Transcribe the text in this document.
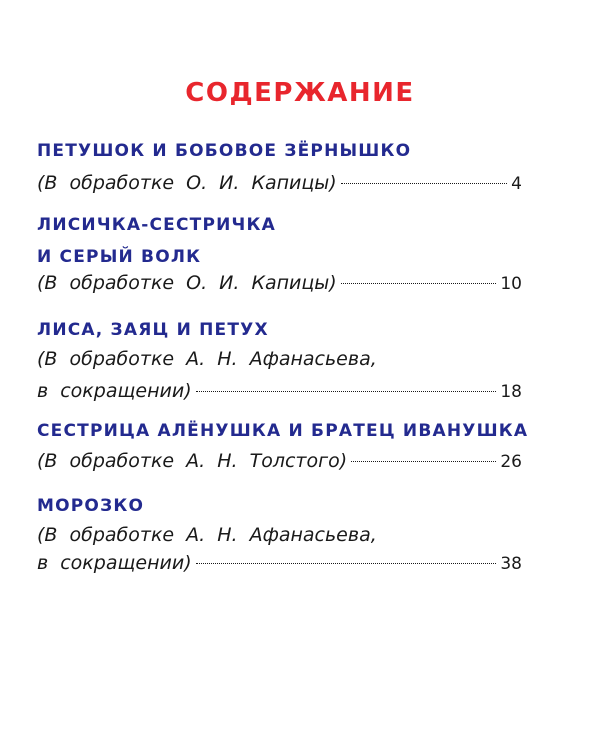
СОДЕРЖАНИЕ
ПЕТУШОК И БОБОВОЕ ЗЁРНЫШКО
(В обработке О. И. Капицы)	4
ЛИСИЧКА-СЕСТРИЧКА
И СЕРЫЙ ВОЛК
(В обработке О. И. Капицы)	10
ЛИСА, ЗАЯЦ И ПЕТУХ
(В обработке А. Н. Афанасьева,
в сокращении)	18
СЕСТРИЦА АЛЁНУШКА И БРАТЕЦ ИВАНУШКА
(В обработке А. Н. Толстого)	26
МОРОЗКО
(В обработке А. Н. Афанасьева,
в сокращении)	38
